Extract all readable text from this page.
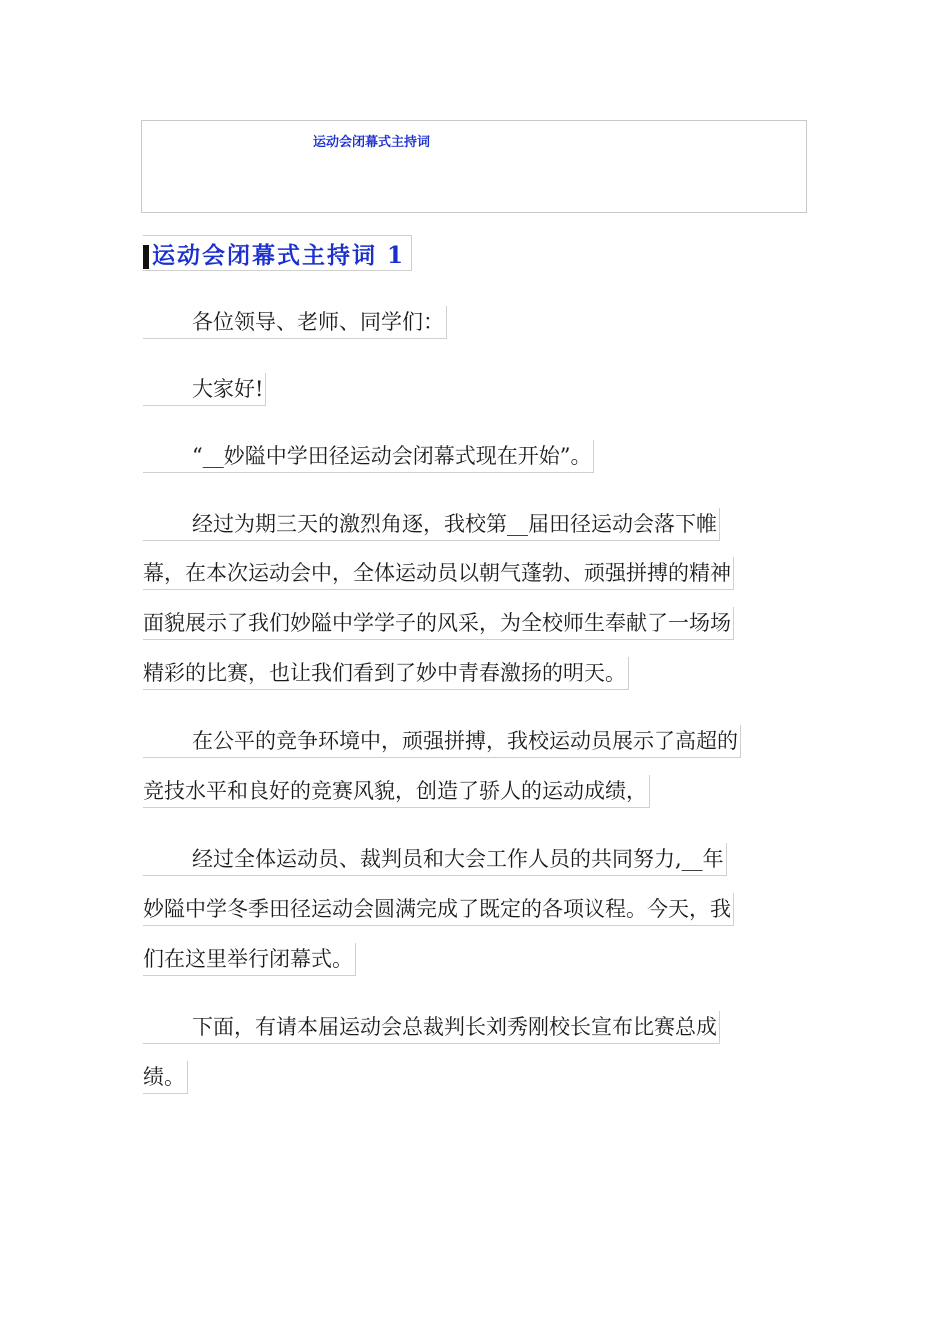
运动会闭幕式主持词
运动会闭幕式主持词 1
各位领导、老师、同学们：
大家好!
“__妙隘中学田径运动会闭幕式现在开始”。
经过为期三天的激烈角逐，我校第__届田径运动会落下帷
幕，在本次运动会中，全体运动员以朝气蓬勃、顽强拼搏的精神
面貌展示了我们妙隘中学学子的风采，为全校师生奉献了一场场
精彩的比赛，也让我们看到了妙中青春激扬的明天。
在公平的竞争环境中，顽强拼搏，我校运动员展示了高超的
竞技水平和良好的竞赛风貌，创造了骄人的运动成绩，
经过全体运动员、裁判员和大会工作人员的共同努力,__年
妙隘中学冬季田径运动会圆满完成了既定的各项议程。今天，我
们在这里举行闭幕式。
下面，有请本届运动会总裁判长刘秀刚校长宣布比赛总成
绩。
